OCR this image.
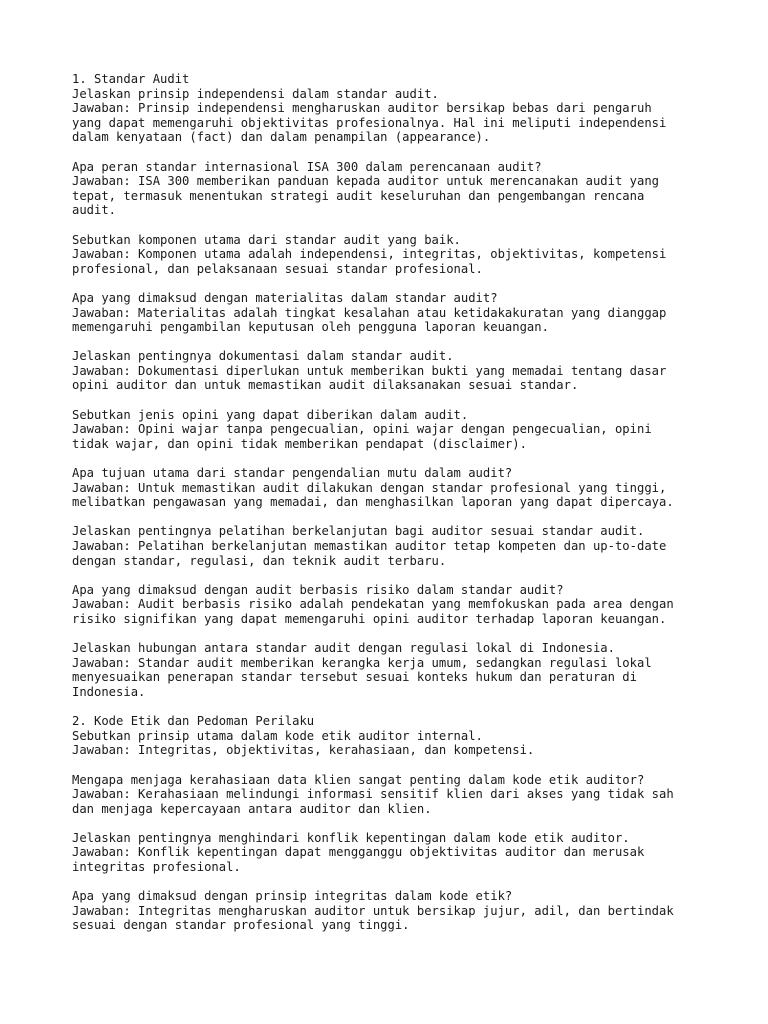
1. Standar Audit
Jelaskan prinsip independensi dalam standar audit.
Jawaban: Prinsip independensi mengharuskan auditor bersikap bebas dari pengaruh
yang dapat memengaruhi objektivitas profesionalnya. Hal ini meliputi independensi
dalam kenyataan (fact) dan dalam penampilan (appearance).
Apa peran standar internasional ISA 300 dalam perencanaan audit?
Jawaban: ISA 300 memberikan panduan kepada auditor untuk merencanakan audit yang
tepat, termasuk menentukan strategi audit keseluruhan dan pengembangan rencana
audit.
Sebutkan komponen utama dari standar audit yang baik.
Jawaban: Komponen utama adalah independensi, integritas, objektivitas, kompetensi
profesional, dan pelaksanaan sesuai standar profesional.
Apa yang dimaksud dengan materialitas dalam standar audit?
Jawaban: Materialitas adalah tingkat kesalahan atau ketidakakuratan yang dianggap
memengaruhi pengambilan keputusan oleh pengguna laporan keuangan.
Jelaskan pentingnya dokumentasi dalam standar audit.
Jawaban: Dokumentasi diperlukan untuk memberikan bukti yang memadai tentang dasar
opini auditor dan untuk memastikan audit dilaksanakan sesuai standar.
Sebutkan jenis opini yang dapat diberikan dalam audit.
Jawaban: Opini wajar tanpa pengecualian, opini wajar dengan pengecualian, opini
tidak wajar, dan opini tidak memberikan pendapat (disclaimer).
Apa tujuan utama dari standar pengendalian mutu dalam audit?
Jawaban: Untuk memastikan audit dilakukan dengan standar profesional yang tinggi,
melibatkan pengawasan yang memadai, dan menghasilkan laporan yang dapat dipercaya.
Jelaskan pentingnya pelatihan berkelanjutan bagi auditor sesuai standar audit.
Jawaban: Pelatihan berkelanjutan memastikan auditor tetap kompeten dan up-to-date
dengan standar, regulasi, dan teknik audit terbaru.
Apa yang dimaksud dengan audit berbasis risiko dalam standar audit?
Jawaban: Audit berbasis risiko adalah pendekatan yang memfokuskan pada area dengan
risiko signifikan yang dapat memengaruhi opini auditor terhadap laporan keuangan.
Jelaskan hubungan antara standar audit dengan regulasi lokal di Indonesia.
Jawaban: Standar audit memberikan kerangka kerja umum, sedangkan regulasi lokal
menyesuaikan penerapan standar tersebut sesuai konteks hukum dan peraturan di
Indonesia.
2. Kode Etik dan Pedoman Perilaku
Sebutkan prinsip utama dalam kode etik auditor internal.
Jawaban: Integritas, objektivitas, kerahasiaan, dan kompetensi.
Mengapa menjaga kerahasiaan data klien sangat penting dalam kode etik auditor?
Jawaban: Kerahasiaan melindungi informasi sensitif klien dari akses yang tidak sah
dan menjaga kepercayaan antara auditor dan klien.
Jelaskan pentingnya menghindari konflik kepentingan dalam kode etik auditor.
Jawaban: Konflik kepentingan dapat mengganggu objektivitas auditor dan merusak
integritas profesional.
Apa yang dimaksud dengan prinsip integritas dalam kode etik?
Jawaban: Integritas mengharuskan auditor untuk bersikap jujur, adil, dan bertindak
sesuai dengan standar profesional yang tinggi.
